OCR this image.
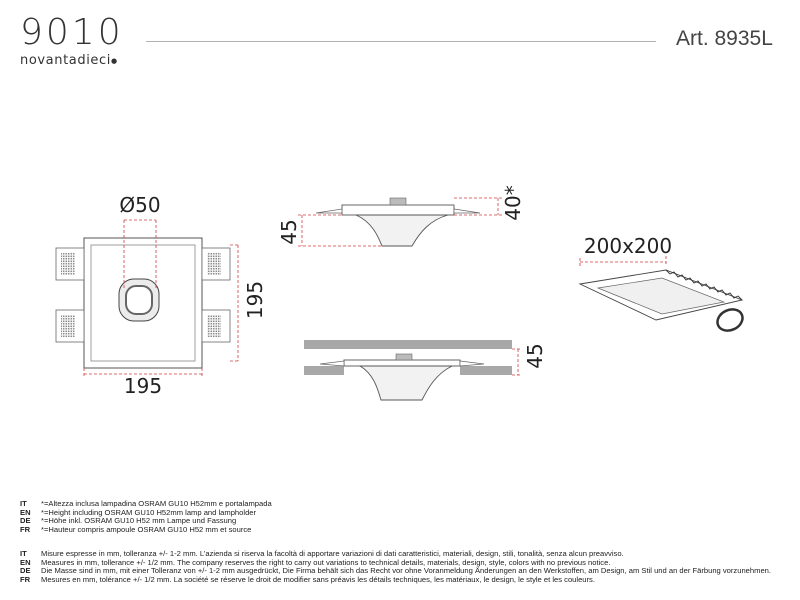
9010
novantadieci●
Art. 8935L
Ø50
195
195
45
40*
45
200x200
IT	*=Altezza inclusa lampadina OSRAM GU10 H52mm e portalampada
EN	*=Height including OSRAM GU10 H52mm lamp and lampholder
DE	*=Höhe inkl. OSRAM GU10 H52 mm Lampe und Fassung
FR	*=Hauteur compris ampoule OSRAM GU10 H52 mm et source
IT	Misure espresse in mm, tolleranza +/- 1-2 mm. L’azienda si riserva la facoltà di apportare variazioni di dati caratteristici, materiali, design, stili, tonalità, senza alcun preavviso.
EN	Measures in mm, tollerance +/- 1/2 mm. The company reserves the right to carry out variations to technical details, materials, design, style, colors with no previous notice.
DE	Die Masse sind in mm, mit einer Tolleranz von +/- 1-2 mm ausgedrückt, Die Firma behält sich das Recht vor ohne Voranmeldung Änderungen an den Werkstoffen, am Design, am Stil und an der Färbung vorzunehmen.
FR	Mesures en mm, tolérance +/- 1/2 mm. La société se réserve le droit de modifier sans préavis les détails techniques, les matériaux, le design, le style et les couleurs.
